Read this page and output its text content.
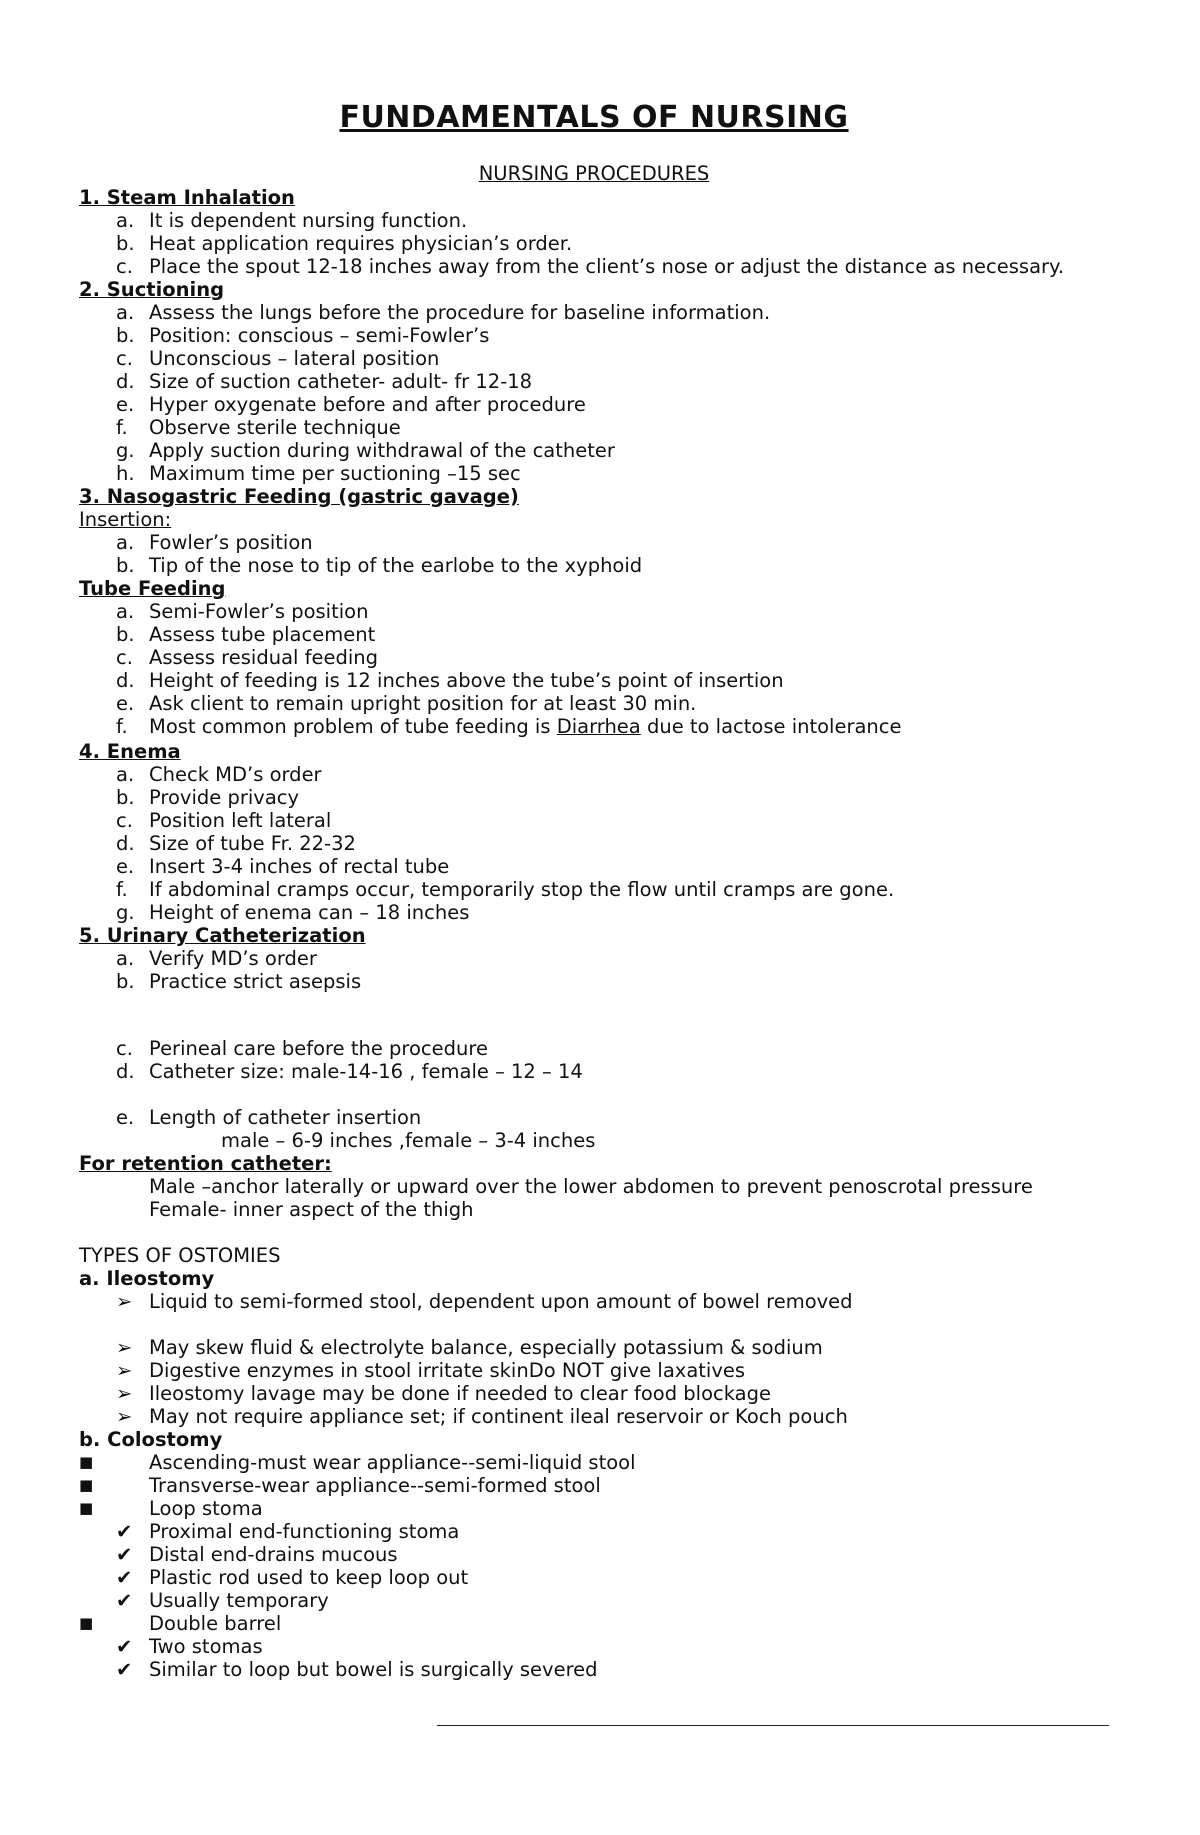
FUNDAMENTALS OF NURSING
NURSING PROCEDURES
1. Steam Inhalation
a. It is dependent nursing function.
b. Heat application requires physician’s order.
c. Place the spout 12-18 inches away from the client’s nose or adjust the distance as necessary.
2. Suctioning
a. Assess the lungs before the procedure for baseline information.
b. Position: conscious – semi-Fowler’s
c. Unconscious – lateral position
d. Size of suction catheter- adult- fr 12-18
e. Hyper oxygenate before and after procedure
f.	Observe sterile technique
g. Apply suction during withdrawal of the catheter
h. Maximum time per suctioning –15 sec
3. Nasogastric Feeding (gastric gavage)
Insertion:
a. Fowler’s position
b. Tip of the nose to tip of the earlobe to the xyphoid
Tube Feeding
a. Semi-Fowler’s position
b. Assess tube placement
c. Assess residual feeding
d. Height of feeding is 12 inches above the tube’s point of insertion
e. Ask client to remain upright position for at least 30 min.
f.	Most common problem of tube feeding is Diarrhea due to lactose intolerance
4. Enema
a. Check MD’s order
b. Provide privacy
c. Position left lateral
d. Size of tube Fr. 22-32
e. Insert 3-4 inches of rectal tube
f.	If abdominal cramps occur, temporarily stop the flow until cramps are gone.
g. Height of enema can – 18 inches
5. Urinary Catheterization
a. Verify MD’s order
b. Practice strict asepsis
c. Perineal care before the procedure
d. Catheter size: male-14-16 , female – 12 – 14
e. Length of catheter insertion
male – 6-9 inches ,female – 3-4 inches
For retention catheter:
Male –anchor laterally or upward over the lower abdomen to prevent penoscrotal pressure
Female- inner aspect of the thigh
TYPES OF OSTOMIES
a. Ileostomy
➢ Liquid to semi-formed stool, dependent upon amount of bowel removed
➢ May skew fluid & electrolyte balance, especially potassium & sodium
➢ Digestive enzymes in stool irritate skinDo NOT give laxatives
➢ Ileostomy lavage may be done if needed to clear food blockage
➢ May not require appliance set; if continent ileal reservoir or Koch pouch
b. Colostomy
■	Ascending-must wear appliance--semi-liquid stool
■	Transverse-wear appliance--semi-formed stool
■	Loop stoma
✔ Proximal end-functioning stoma
✔ Distal end-drains mucous
✔ Plastic rod used to keep loop out
✔ Usually temporary
■	Double barrel
✔ Two stomas
✔ Similar to loop but bowel is surgically severed
